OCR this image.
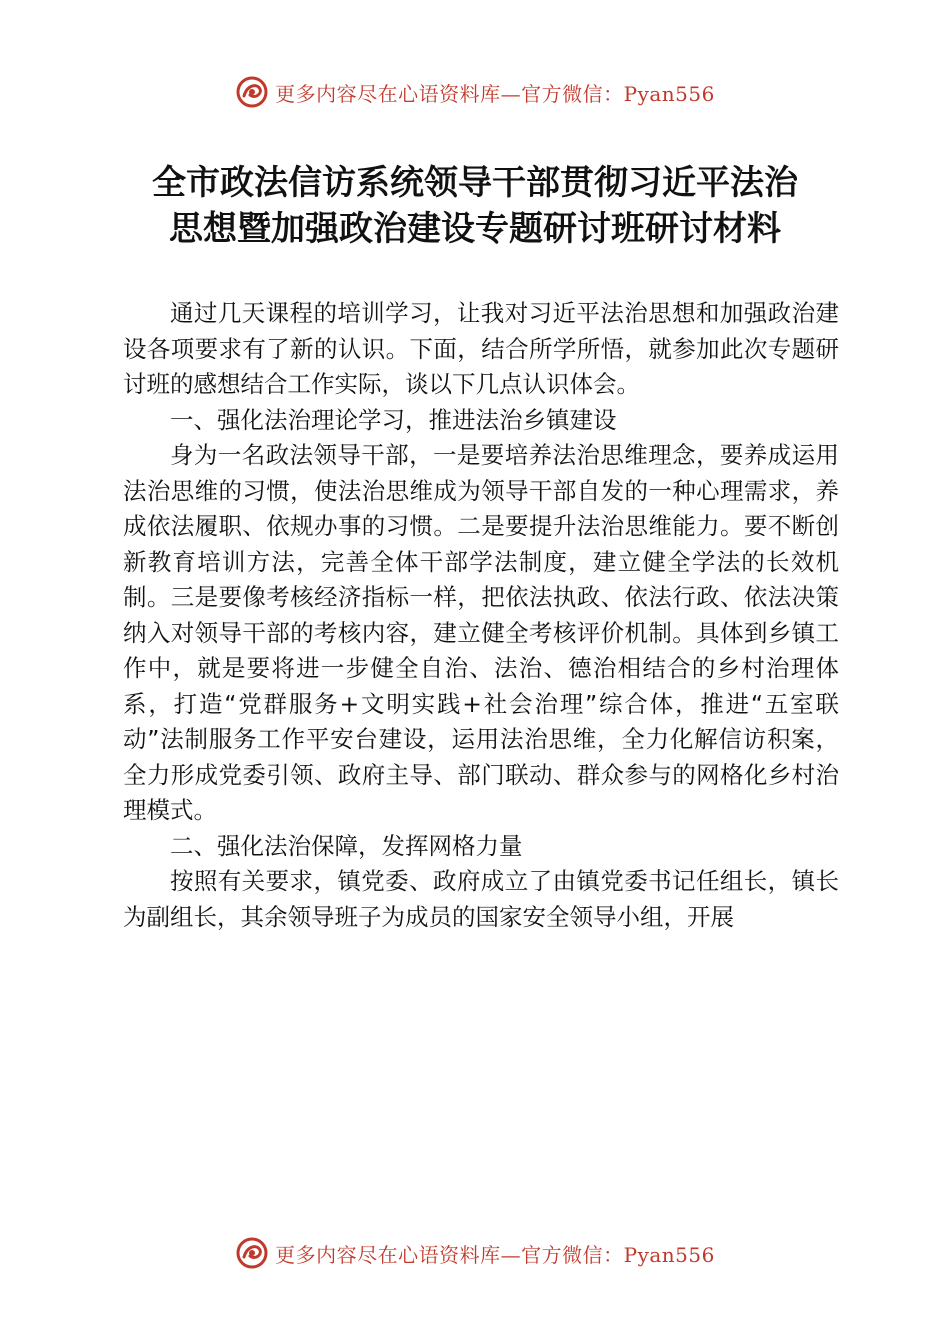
更多内容尽在心语资料库—官方微信：Pyan556
全市政法信访系统领导干部贯彻习近平法治
思想暨加强政治建设专题研讨班研讨材料

通过几天课程的培训学习，让我对习近平法治思想和加强政治建设各项要求有了新的认识。下面，结合所学所悟，就参加此次专题研讨班的感想结合工作实际，谈以下几点认识体会。

一、强化法治理论学习，推进法治乡镇建设

身为一名政法领导干部，一是要培养法治思维理念，要养成运用法治思维的习惯，使法治思维成为领导干部自发的一种心理需求，养成依法履职、依规办事的习惯。二是要提升法治思维能力。要不断创新教育培训方法，完善全体干部学法制度，建立健全学法的长效机制。三是要像考核经济指标一样，把依法执政、依法行政、依法决策纳入对领导干部的考核内容，建立健全考核评价机制。具体到乡镇工作中，就是要将进一步健全自治、法治、德治相结合的乡村治理体系，打造“党群服务+文明实践+社会治理”综合体，推进“五室联动”法制服务工作平安台建设，运用法治思维，全力化解信访积案，全力形成党委引领、政府主导、部门联动、群众参与的网格化乡村治理模式。

二、强化法治保障，发挥网格力量

按照有关要求，镇党委、政府成立了由镇党委书记任组长，镇长为副组长，其余领导班子为成员的国家安全领导小组，开展

更多内容尽在心语资料库—官方微信：Pyan556
